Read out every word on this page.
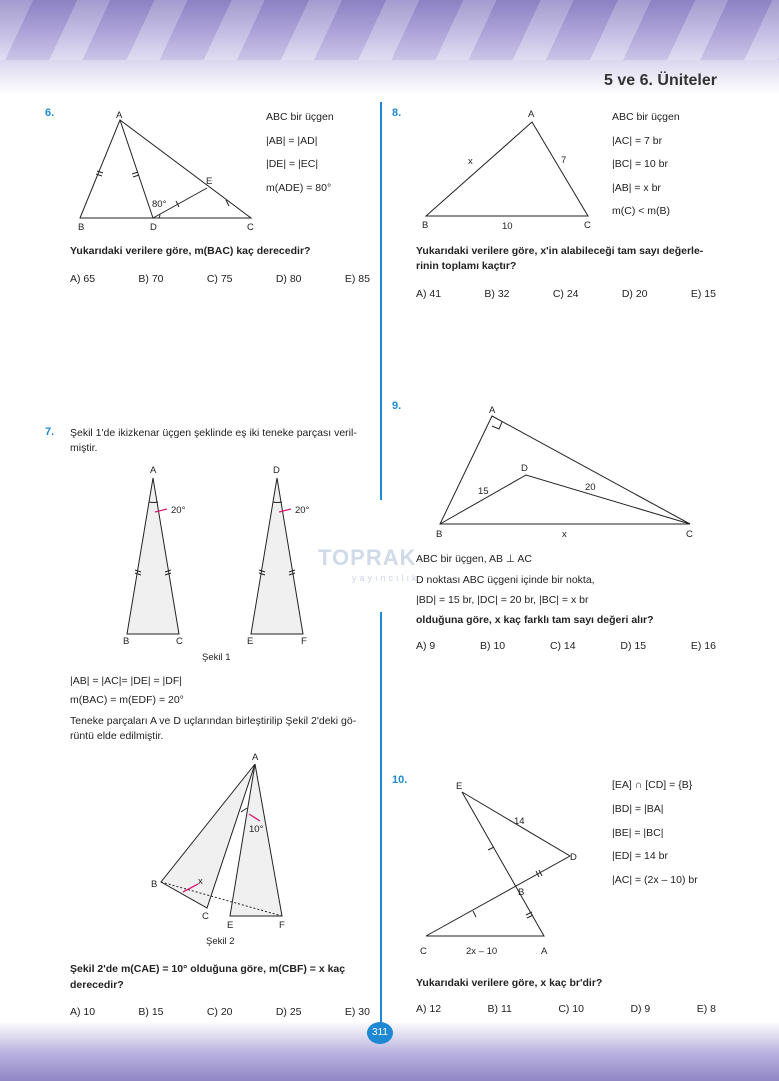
5 ve 6. Üniteler
TOPRAK
yayıncılık
6.	A
B	C
D
E
80°
ABC bir üçgen
|AB| = |AD|
|DE| = |EC|
m(ADE) = 80°
Yukarıdaki verilere göre, m(BAC) kaç derecedir?
A) 65	B) 70	C) 75	D) 80	E) 85
7. Şekil 1'de ikizkenar üçgen şeklinde eş iki teneke parçası veril-
miştir.
A
B	C
D
E	F
20°	20°
Şekil 1
|AB| = |AC|= |DE| = |DF|
m(BAC) = m(EDF) = 20°
Teneke parçaları A ve D uçlarından birleştirilip Şekil 2'deki gö-
rüntü elde edilmiştir.
A
B
C
E	F
x
10°
Şekil 2
Şekil 2'de m(CAE) = 10° olduğuna göre, m(CBF) = x kaç
derecedir?
A) 10	B) 15	C) 20	D) 25	E) 30
8.	A
B	C
x	7
10
ABC bir üçgen
|AC| = 7 br
|BC| = 10 br
|AB| = x br
m(C) < m(B)
Yukarıdaki verilere göre, x'in alabileceği tam sayı değerle-
rinin toplamı kaçtır?
A) 41	B) 32	C) 24	D) 20	E) 15
9.	A
B	C
D
15	20
x
ABC bir üçgen, AB ⊥ AC
D noktası ABC üçgeni içinde bir nokta,
|BD| = 15 br, |DC| = 20 br, |BC| = x br
olduğuna göre, x kaç farklı tam sayı değeri alır?
A) 9	B) 10	C) 14	D) 15	E) 16
10.
E
D
B
C	A
14
2x – 10
[EA] ∩ [CD] = {B}
|BD| = |BA|
|BE| = |BC|
|ED| = 14 br
|AC| = (2x – 10) br
Yukarıdaki verilere göre, x kaç br'dir?
A) 12	B) 11	C) 10	D) 9	E) 8
311
